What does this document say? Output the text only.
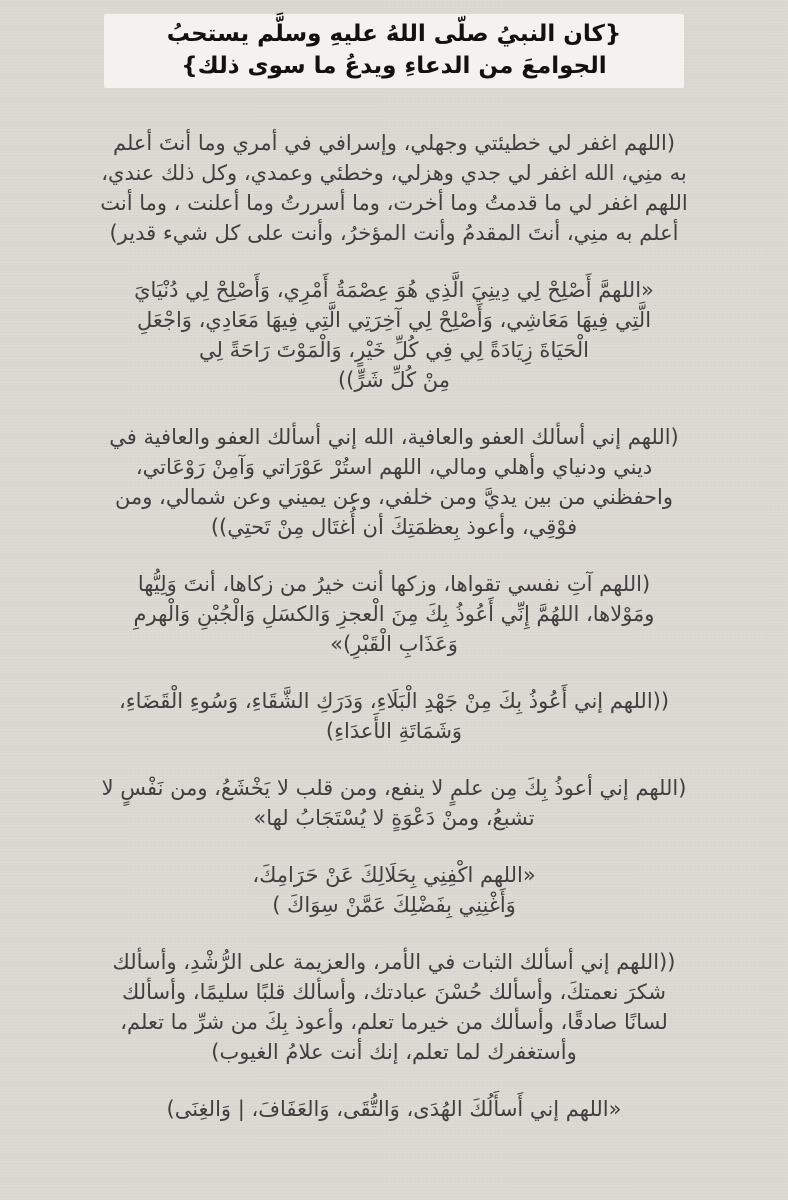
{كان النبيُ صلّى اللهُ عليهِ وسلَّم يستحبُ
الجوامعَ من الدعاءِ ويدعُ ما سوى ذلك}
(اللهم اغفر لي خطيئتي وجهلي، وإسرافي في أمري وما أنتَ أعلم
به منِي، الله اغفر لي جدي وهزلي، وخطئي وعمدي، وكل ذلك عندي،
اللهم اغفر لي ما قدمتُ وما أخرت، وما أسررتُ وما أعلنت ، وما أنت
أعلم به منِي، أنتَ المقدمُ وأنت المؤخرُ، وأنت على كل شيء قدير)
«اللهمَّ أَصْلِحْ لِي دِينِيَ الَّذِي هُوَ عِصْمَةُ أَمْرِي، وَأَصْلِحْ لِي دُنْيَايَ
الَّتِي فِيهَا مَعَاشِي، وَأَصْلِحْ لِي آخِرَتِي الَّتِي فِيهَا مَعَادِي، وَاجْعَلِ
الْحَيَاةَ زِيَادَةً لِي فِي كُلِّ خَيْرٍ، وَالْمَوْتَ رَاحَةً لِي
مِنْ كُلِّ شَرٍّ))
(اللهم إني أسألك العفو والعافية، الله إني أسألك العفو والعافية في
ديني ودنياي وأهلي ومالي، اللهم استُرْ عَوْرَاتي وَآمِنْ رَوْعَاتي،
واحفظني من بين يديَّ ومن خلفي، وعن يميني وعن شمالي، ومن
فوْقِي، وأعوذ بِعظمَتِكَ أن أُغتَال مِنْ تَحتِي))
(اللهم آتِ نفسي تقواها، وزكها أنت خيرُ من زكاها، أنتَ وَلِيُّها
ومَوْلاها، اللهُمَّ إِنِّي أَعُوذُ بِكَ مِنَ الْعجزِ وَالكسَلِ وَالْجُبْنِ وَالْهرمِ
وَعَذَابِ الْقَبْرِ)»
((اللهم إني أَعُوذُ بِكَ مِنْ جَهْدِ الْبَلَاءِ، وَدَرَكِ الشَّقَاءِ، وَسُوءِ الْقَضَاءِ،
وَشَمَاتَةِ الأَعدَاءِ)
(اللهم إني أعوذُ بِكَ مِن علمٍ لا ينفع، ومن قلب لا يَخْشَعُ، ومن نَفْسٍ لا
تشبعُ، ومنْ دَعْوَةٍ لا يُسْتَجَابُ لها»
«اللهم اكْفِنِي بِحَلَالِكَ عَنْ حَرَامِكَ،
وَأَغْنِنِي بِفَضْلِكَ عَمَّنْ سِوَاكَ )
((اللهم إني أسألك الثبات في الأمر، والعزيمة على الرُّشْدِ، وأسألك
شكرَ نعمتكَ، وأسألك حُسْنَ عبادتك، وأسألك قلبًا سليمًا، وأسألك
لسانًا صادقًا، وأسألك من خيرما تعلم، وأعوذ بِكَ من شرِّ ما تعلم،
وأستغفرك لما تعلم، إنك أنت علامُ الغيوب)
«اللهم إني أَسأَلُكَ الهُدَى، وَالتُّقَى، وَالعَفَافَ، | وَالغِنَى)
